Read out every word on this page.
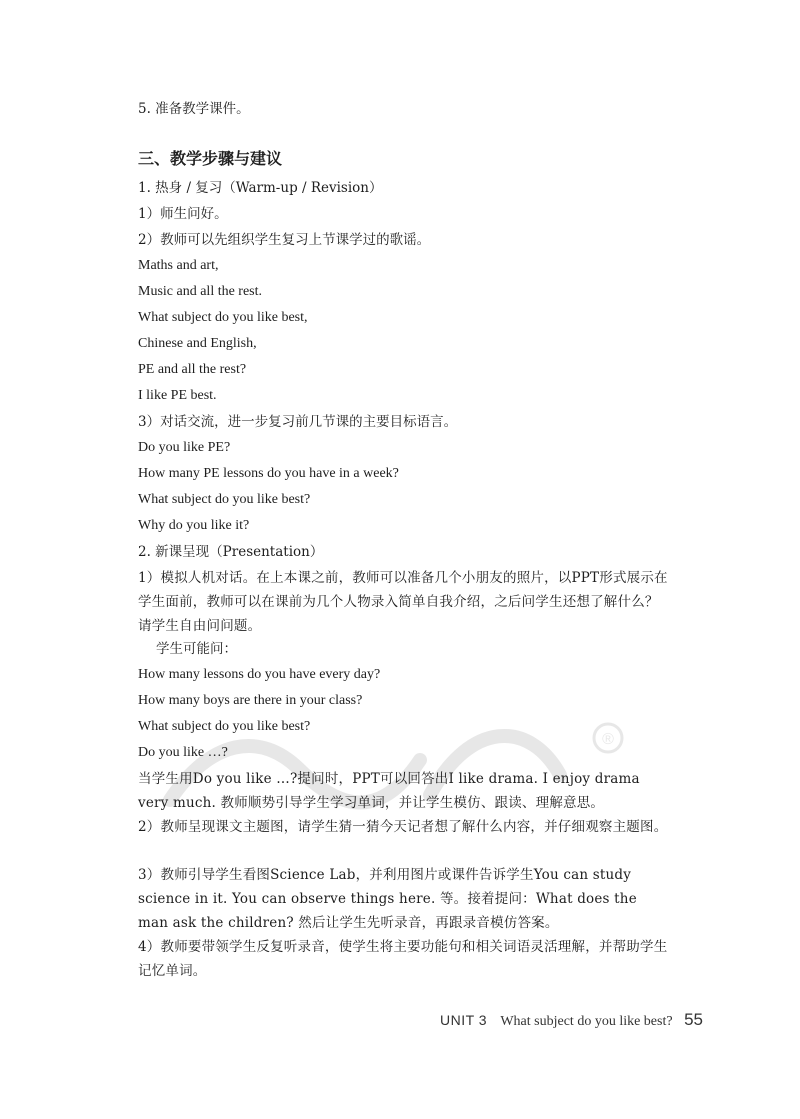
5. 准备教学课件。
三、教学步骤与建议
1. 热身 / 复习（Warm-up / Revision）
1）师生问好。
2）教师可以先组织学生复习上节课学过的歌谣。
Maths and art,
Music and all the rest.
What subject do you like best,
Chinese and English,
PE and all the rest?
I like PE best.
3）对话交流，进一步复习前几节课的主要目标语言。
Do you like PE?
How many PE lessons do you have in a week?
What subject do you like best?
Why do you like it?
2. 新课呈现（Presentation）
1）模拟人机对话。在上本课之前，教师可以准备几个小朋友的照片，以PPT形式展示在学生面前，教师可以在课前为几个人物录入简单自我介绍，之后问学生还想了解什么？请学生自由问问题。
学生可能问：
How many lessons do you have every day?
How many boys are there in your class?
What subject do you like best?
Do you like …?
当学生用Do you like …?提问时，PPT可以回答出I like drama. I enjoy drama very much. 教师顺势引导学生学习单词，并让学生模仿、跟读、理解意思。
2）教师呈现课文主题图，请学生猜一猜今天记者想了解什么内容，并仔细观察主题图。
3）教师引导学生看图Science Lab，并利用图片或课件告诉学生You can study science in it. You can observe things here. 等。接着提问：What does the man ask the children? 然后让学生先听录音，再跟录音模仿答案。
4）教师要带领学生反复听录音，使学生将主要功能句和相关词语灵活理解，并帮助学生记忆单词。
®
UNIT 3 What subject do you like best? 55
